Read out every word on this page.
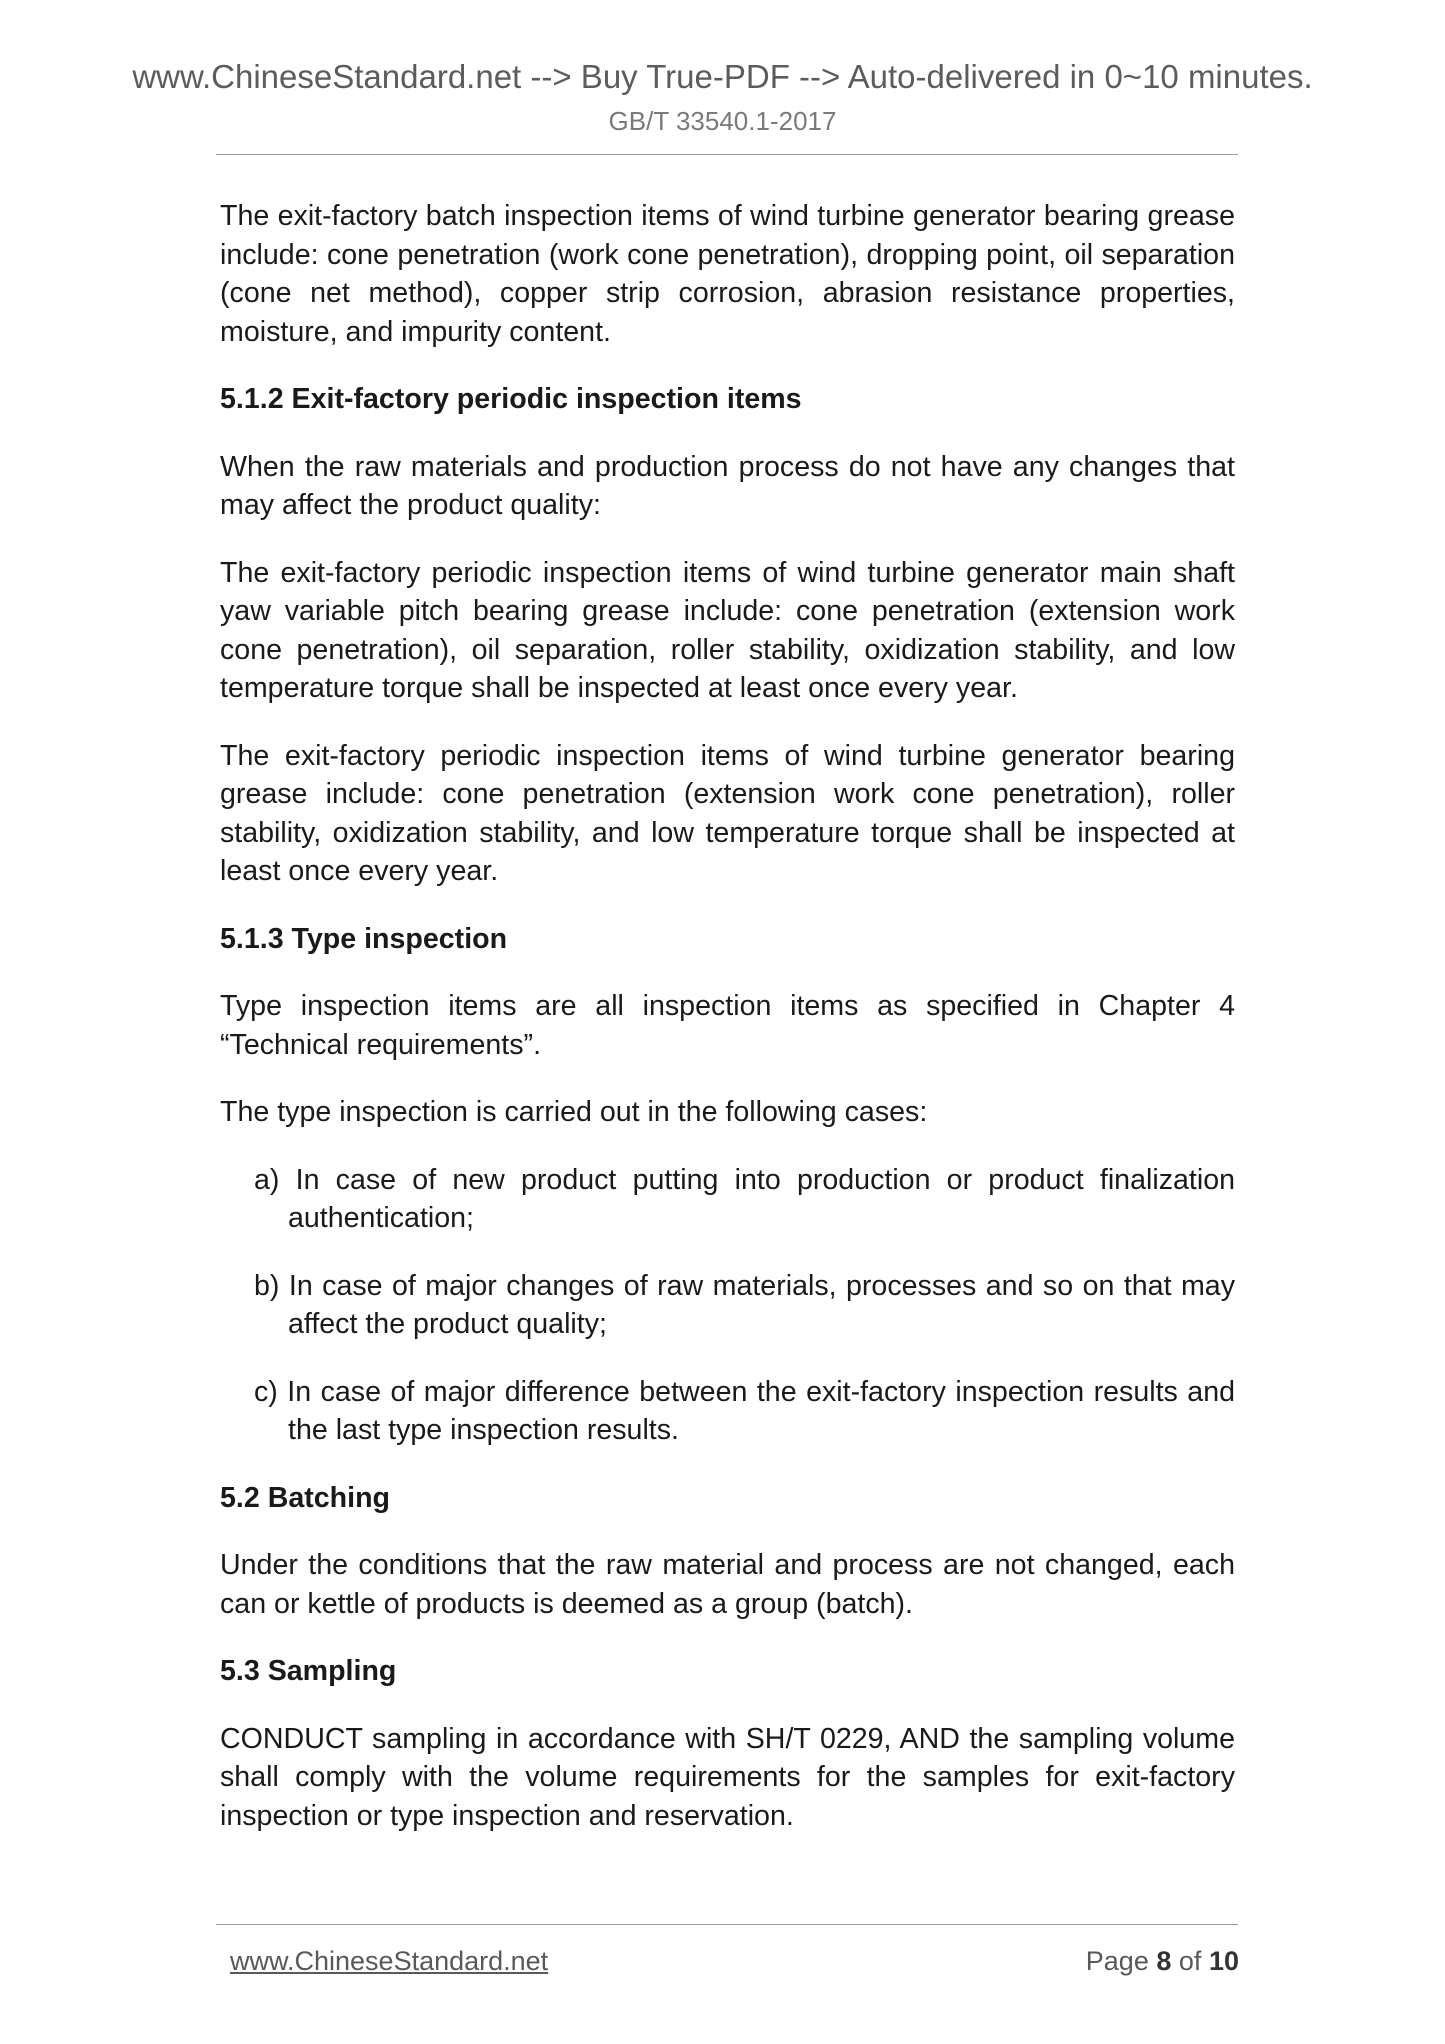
www.ChineseStandard.net --> Buy True-PDF --> Auto-delivered in 0~10 minutes.
GB/T 33540.1-2017

The exit-factory batch inspection items of wind turbine generator bearing grease include: cone penetration (work cone penetration), dropping point, oil separation (cone net method), copper strip corrosion, abrasion resistance properties, moisture, and impurity content.

5.1.2 Exit-factory periodic inspection items

When the raw materials and production process do not have any changes that may affect the product quality:

The exit-factory periodic inspection items of wind turbine generator main shaft yaw variable pitch bearing grease include: cone penetration (extension work cone penetration), oil separation, roller stability, oxidization stability, and low temperature torque shall be inspected at least once every year.

The exit-factory periodic inspection items of wind turbine generator bearing grease include: cone penetration (extension work cone penetration), roller stability, oxidization stability, and low temperature torque shall be inspected at least once every year.

5.1.3 Type inspection

Type inspection items are all inspection items as specified in Chapter 4 “Technical requirements”.

The type inspection is carried out in the following cases:

a) In case of new product putting into production or product finalization authentication;
b) In case of major changes of raw materials, processes and so on that may affect the product quality;
c) In case of major difference between the exit-factory inspection results and the last type inspection results.
5.2 Batching

Under the conditions that the raw material and process are not changed, each can or kettle of products is deemed as a group (batch).

5.3 Sampling

CONDUCT sampling in accordance with SH/T 0229, AND the sampling volume shall comply with the volume requirements for the samples for exit-factory inspection or type inspection and reservation.

www.ChineseStandard.net	Page 8 of 10
